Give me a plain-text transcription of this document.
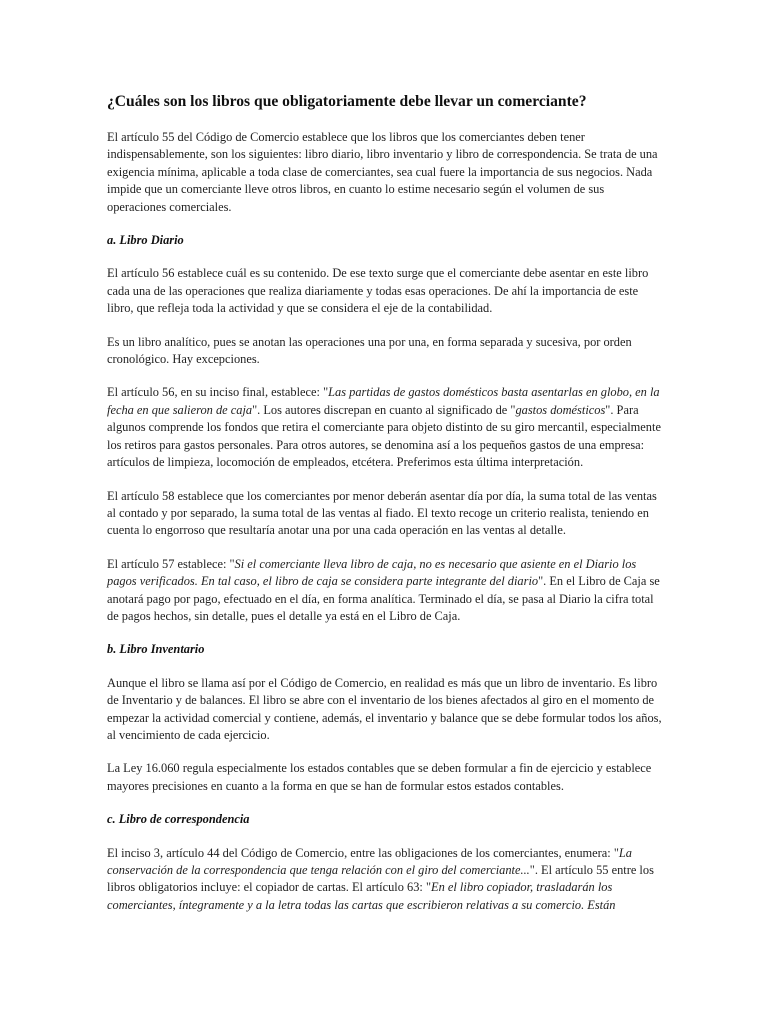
¿Cuáles son los libros que obligatoriamente debe llevar un comerciante?

El artículo 55 del Código de Comercio establece que los libros que los comerciantes deben tener indispensablemente, son los siguientes: libro diario, libro inventario y libro de correspondencia. Se trata de una exigencia mínima, aplicable a toda clase de comerciantes, sea cual fuere la importancia de sus negocios. Nada impide que un comerciante lleve otros libros, en cuanto lo estime necesario según el volumen de sus operaciones comerciales.

a. Libro Diario

El artículo 56 establece cuál es su contenido. De ese texto surge que el comerciante debe asentar en este libro cada una de las operaciones que realiza diariamente y todas esas operaciones. De ahí la importancia de este libro, que refleja toda la actividad y que se considera el eje de la contabilidad.

Es un libro analítico, pues se anotan las operaciones una por una, en forma separada y sucesiva, por orden cronológico. Hay excepciones.

El artículo 56, en su inciso final, establece: "Las partidas de gastos domésticos basta asentarlas en globo, en la fecha en que salieron de caja". Los autores discrepan en cuanto al significado de "gastos domésticos". Para algunos comprende los fondos que retira el comerciante para objeto distinto de su giro mercantil, especialmente los retiros para gastos personales. Para otros autores, se denomina así a los pequeños gastos de una empresa: artículos de limpieza, locomoción de empleados, etcétera. Preferimos esta última interpretación.

El artículo 58 establece que los comerciantes por menor deberán asentar día por día, la suma total de las ventas al contado y por separado, la suma total de las ventas al fiado. El texto recoge un criterio realista, teniendo en cuenta lo engorroso que resultaría anotar una por una cada operación en las ventas al detalle.

El artículo 57 establece: "Si el comerciante lleva libro de caja, no es necesario que asiente en el Diario los pagos verificados. En tal caso, el libro de caja se considera parte integrante del diario". En el Libro de Caja se anotará pago por pago, efectuado en el día, en forma analítica. Terminado el día, se pasa al Diario la cifra total de pagos hechos, sin detalle, pues el detalle ya está en el Libro de Caja.

b. Libro Inventario

Aunque el libro se llama así por el Código de Comercio, en realidad es más que un libro de inventario. Es libro de Inventario y de balances. El libro se abre con el inventario de los bienes afectados al giro en el momento de empezar la actividad comercial y contiene, además, el inventario y balance que se debe formular todos los años, al vencimiento de cada ejercicio.

La Ley 16.060 regula especialmente los estados contables que se deben formular a fin de ejercicio y establece mayores precisiones en cuanto a la forma en que se han de formular estos estados contables.

c. Libro de correspondencia

El inciso 3, artículo 44 del Código de Comercio, entre las obligaciones de los comerciantes, enumera: "La conservación de la correspondencia que tenga relación con el giro del comerciante...". El artículo 55 entre los libros obligatorios incluye: el copiador de cartas. El artículo 63: "En el libro copiador, trasladarán los comerciantes, íntegramente y a la letra todas las cartas que escribieron relativas a su comercio. Están
